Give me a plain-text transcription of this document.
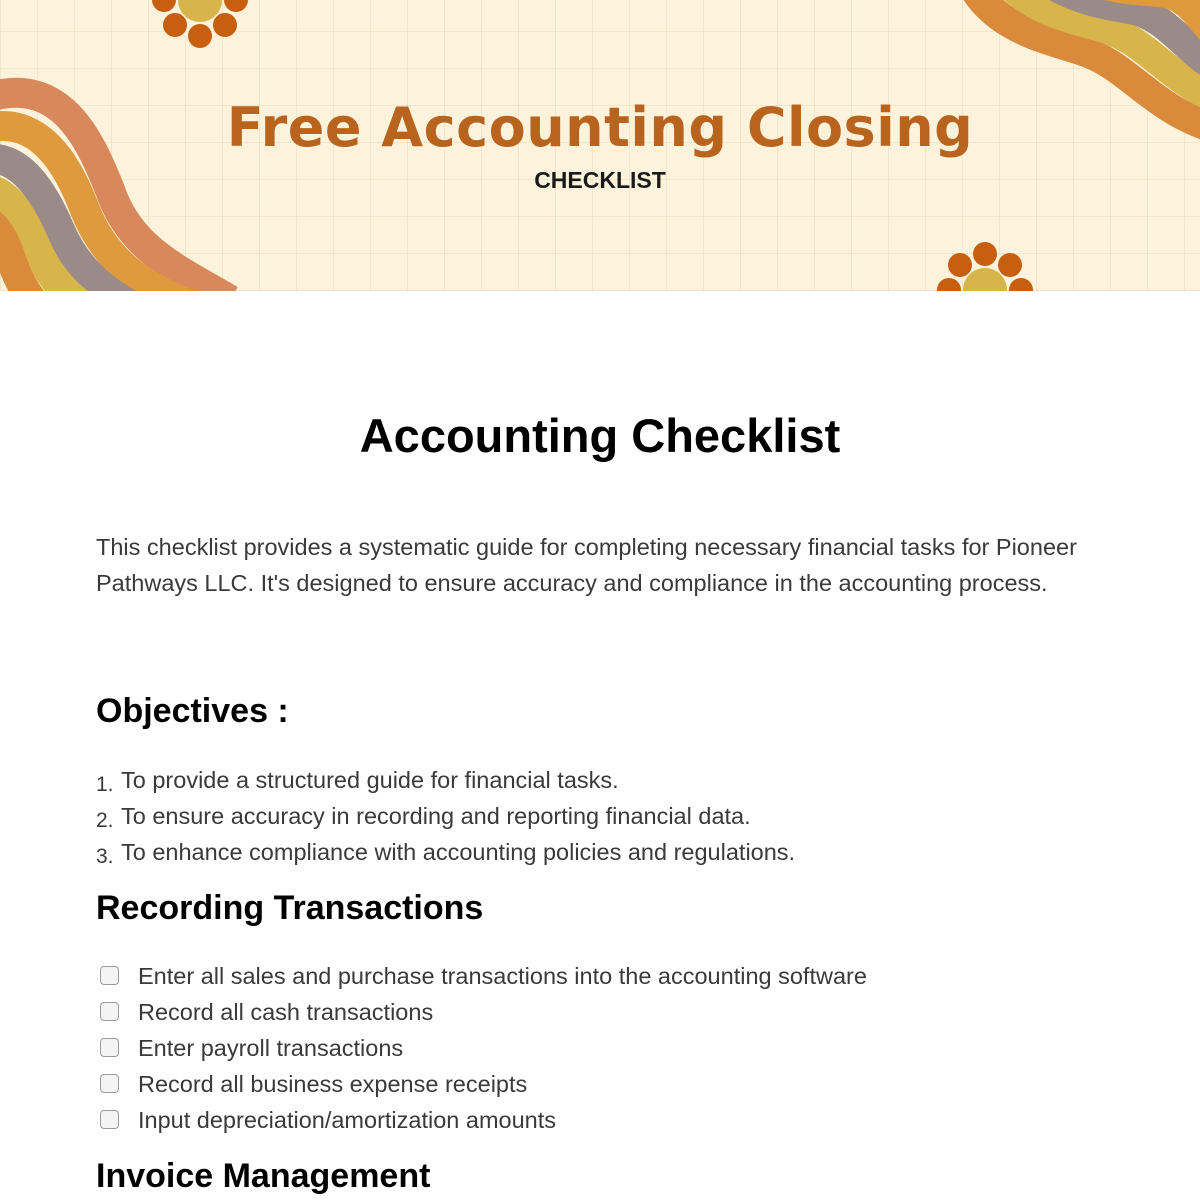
Free Accounting Closing
CHECKLIST
Accounting Checklist

This checklist provides a systematic guide for completing necessary financial tasks for Pioneer Pathways LLC. It's designed to ensure accuracy and compliance in the accounting process.

Objectives :
1. To provide a structured guide for financial tasks.
2. To ensure accuracy in recording and reporting financial data.
3. To enhance compliance with accounting policies and regulations.
Recording Transactions
Enter all sales and purchase transactions into the accounting software
Record all cash transactions
Enter payroll transactions
Record all business expense receipts
Input depreciation/amortization amounts
Invoice Management
